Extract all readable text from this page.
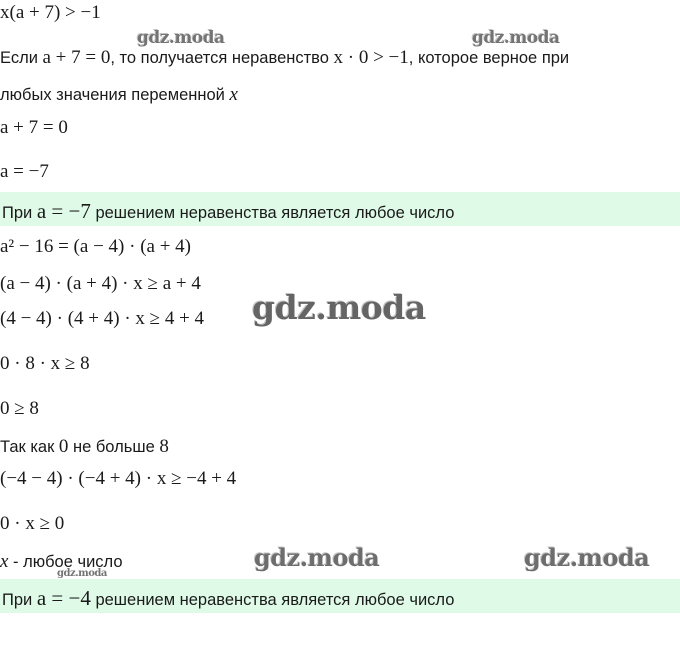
x(a + 7) > −1
Если a + 7 = 0, то получается неравенство x · 0 > −1, которое верное при
любых значения переменной x
a + 7 = 0
a = −7
При a = −7 решением неравенства является любое число
a² − 16 = (a − 4) · (a + 4)
(a − 4) · (a + 4) · x ≥ a + 4
(4 − 4) · (4 + 4) · x ≥ 4 + 4
0 · 8 · x ≥ 8
0 ≥ 8
Так как 0 не больше 8
(−4 − 4) · (−4 + 4) · x ≥ −4 + 4
0 · x ≥ 0
x - любое число
При a = −4 решением неравенства является любое число
gdz.moda	gdz.moda
gdz.moda
gdz.moda	gdz.moda
gdz.moda
